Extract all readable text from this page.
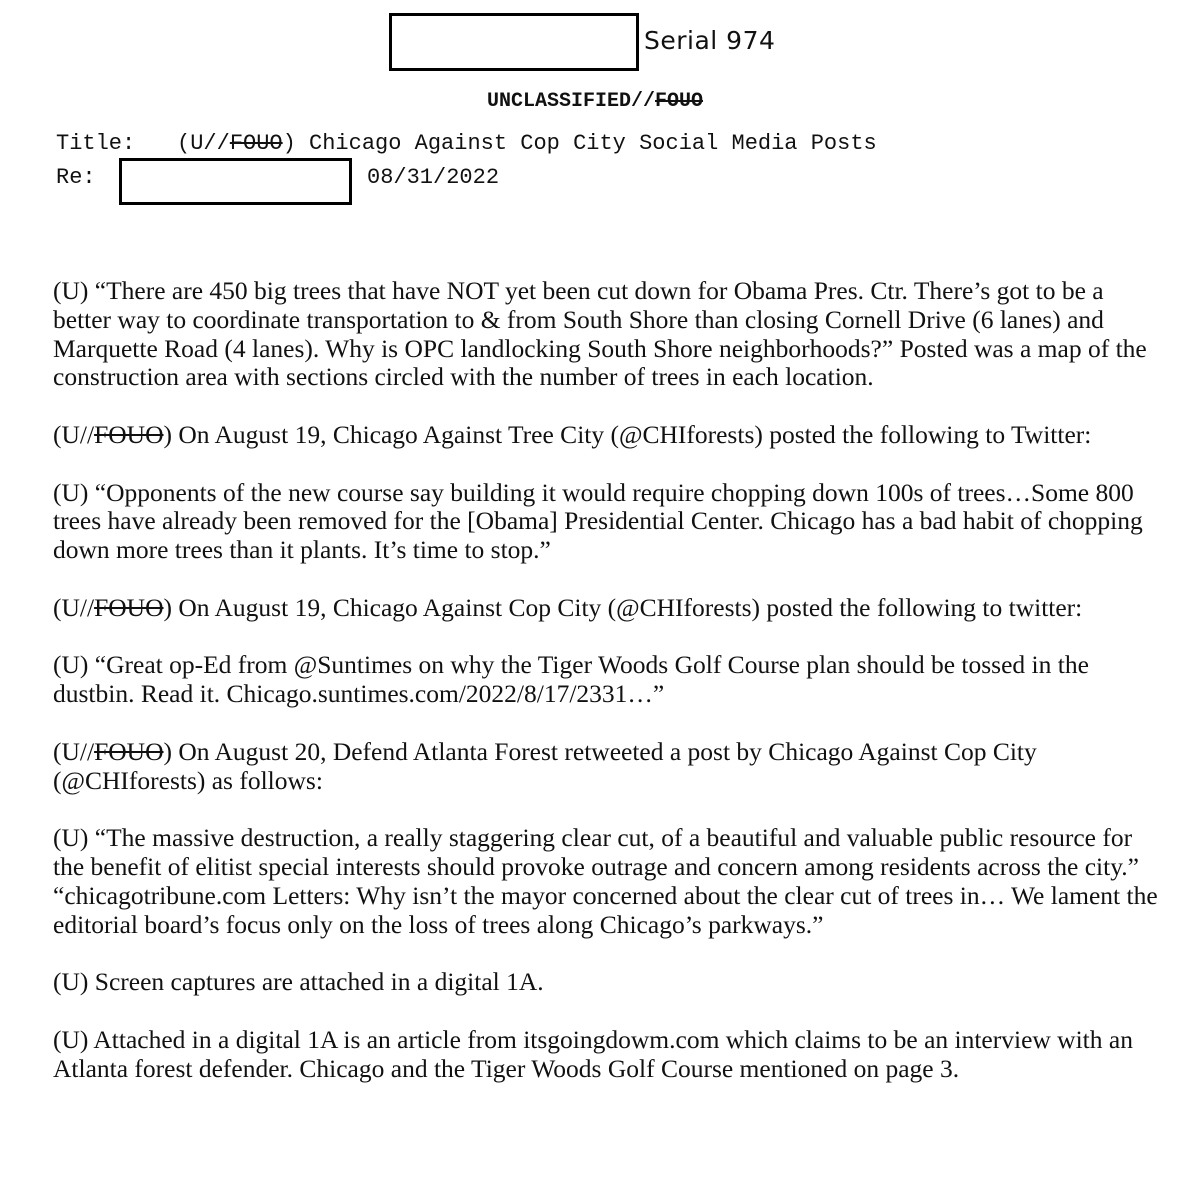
Serial 974
UNCLASSIFIED//FOUO
Title: (U//FOUO) Chicago Against Cop City Social Media Posts
Re:	08/31/2022

(U) “There are 450 big trees that have NOT yet been cut down for Obama Pres. Ctr. There’s got to be a better way to coordinate transportation to & from South Shore than closing Cornell Drive (6 lanes) and Marquette Road (4 lanes). Why is OPC landlocking South Shore neighborhoods?” Posted was a map of the construction area with sections circled with the number of trees in each location.

(U//FOUO) On August 19, Chicago Against Tree City (@CHIforests) posted the following to Twitter:

(U) “Opponents of the new course say building it would require chopping down 100s of trees…Some 800 trees have already been removed for the [Obama] Presidential Center. Chicago has a bad habit of chopping down more trees than it plants. It’s time to stop.”

(U//FOUO) On August 19, Chicago Against Cop City (@CHIforests) posted the following to twitter:

(U) “Great op-Ed from @Suntimes on why the Tiger Woods Golf Course plan should be tossed in the dustbin. Read it. Chicago.suntimes.com/2022/8/17/2331…”

(U//FOUO) On August 20, Defend Atlanta Forest retweeted a post by Chicago Against Cop City (@CHIforests) as follows:

(U) “The massive destruction, a really staggering clear cut, of a beautiful and valuable public resource for the benefit of elitist special interests should provoke outrage and concern among residents across the city.” “chicagotribune.com Letters: Why isn’t the mayor concerned about the clear cut of trees in… We lament the editorial board’s focus only on the loss of trees along Chicago’s parkways.”

(U) Screen captures are attached in a digital 1A.

(U) Attached in a digital 1A is an article from itsgoingdowm.com which claims to be an interview with an Atlanta forest defender. Chicago and the Tiger Woods Golf Course mentioned on page 3.
